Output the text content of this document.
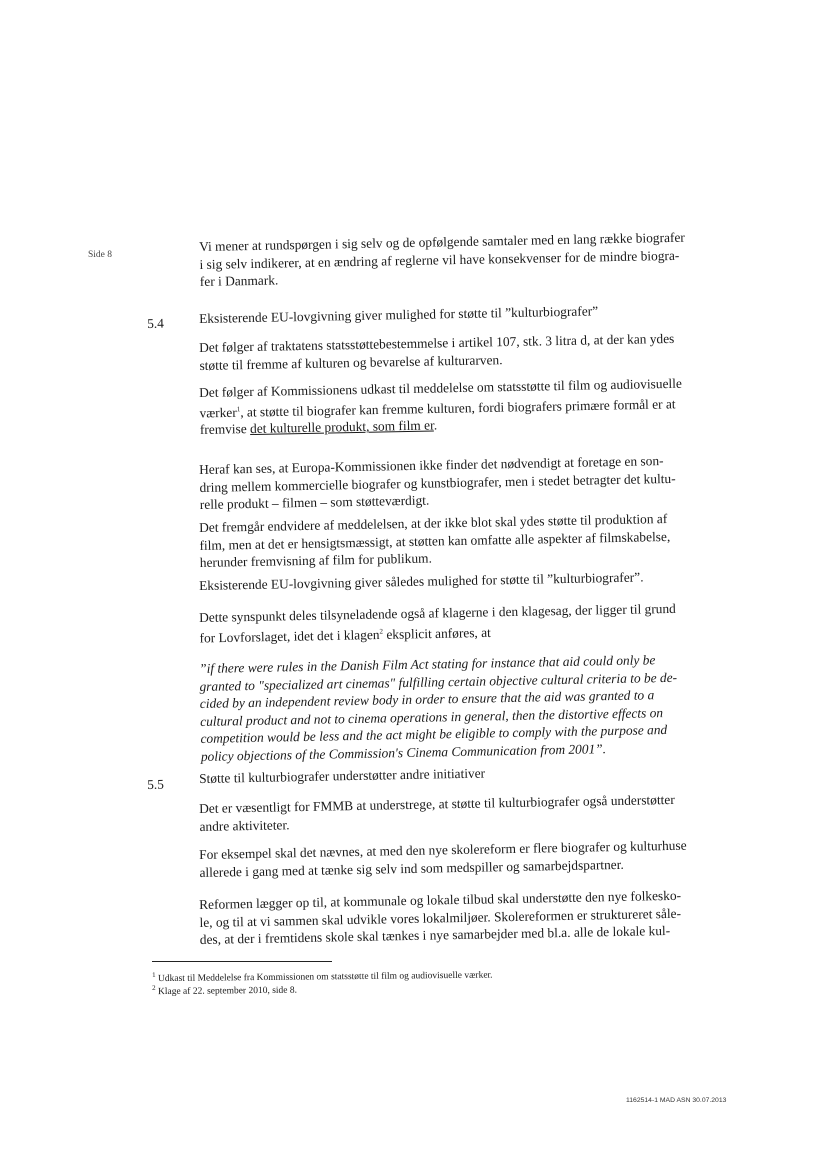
Side 8

Vi mener at rundspørgen i sig selv og de opfølgende samtaler med en lang række biografer

i sig selv indikerer, at en ændring af reglerne vil have konsekvenser for de mindre biogra-

fer i Danmark.

5.4	Eksisterende EU-lovgivning giver mulighed for støtte til ”kulturbiografer”

Det følger af traktatens statsstøttebestemmelse i artikel 107, stk. 3 litra d, at der kan ydes

støtte til fremme af kulturen og bevarelse af kulturarven.

Det følger af Kommissionens udkast til meddelelse om statsstøtte til film og audiovisuelle

værker$^1$, at støtte til biografer kan fremme kulturen, fordi biografers primære formål er at

fremvise det kulturelle produkt, som film er.

Heraf kan ses, at Europa-Kommissionen ikke finder det nødvendigt at foretage en son-

dring mellem kommercielle biografer og kunstbiografer, men i stedet betragter det kultu-

relle produkt – filmen – som støtteværdigt.

Det fremgår endvidere af meddelelsen, at der ikke blot skal ydes støtte til produktion af

film, men at det er hensigtsmæssigt, at støtten kan omfatte alle aspekter af filmskabelse,

herunder fremvisning af film for publikum.

Eksisterende EU-lovgivning giver således mulighed for støtte til ”kulturbiografer”.

Dette synspunkt deles tilsyneladende også af klagerne i den klagesag, der ligger til grund

for Lovforslaget, idet det i klagen$^2$ eksplicit anføres, at

”if there were rules in the Danish Film Act stating for instance that aid could only be

granted to "specialized art cinemas" fulfilling certain objective cultural criteria to be de-

cided by an independent review body in order to ensure that the aid was granted to a

cultural product and not to cinema operations in general, then the distortive effects on

competition would be less and the act might be eligible to comply with the purpose and

policy objections of the Commission's Cinema Communication from 2001”.

5.5	Støtte til kulturbiografer understøtter andre initiativer

Det er væsentligt for FMMB at understrege, at støtte til kulturbiografer også understøtter

andre aktiviteter.

For eksempel skal det nævnes, at med den nye skolereform er flere biografer og kulturhuse

allerede i gang med at tænke sig selv ind som medspiller og samarbejdspartner.

Reformen lægger op til, at kommunale og lokale tilbud skal understøtte den nye folkesko-

le, og til at vi sammen skal udvikle vores lokalmiljøer. Skolereformen er struktureret såle-

des, at der i fremtidens skole skal tænkes i nye samarbejder med bl.a. alle de lokale kul-

$^1$ Udkast til Meddelelse fra Kommissionen om statsstøtte til film og audiovisuelle værker.
$^2$ Klage af 22. september 2010, side 8.
1162514-1 MAD ASN 30.07.2013
